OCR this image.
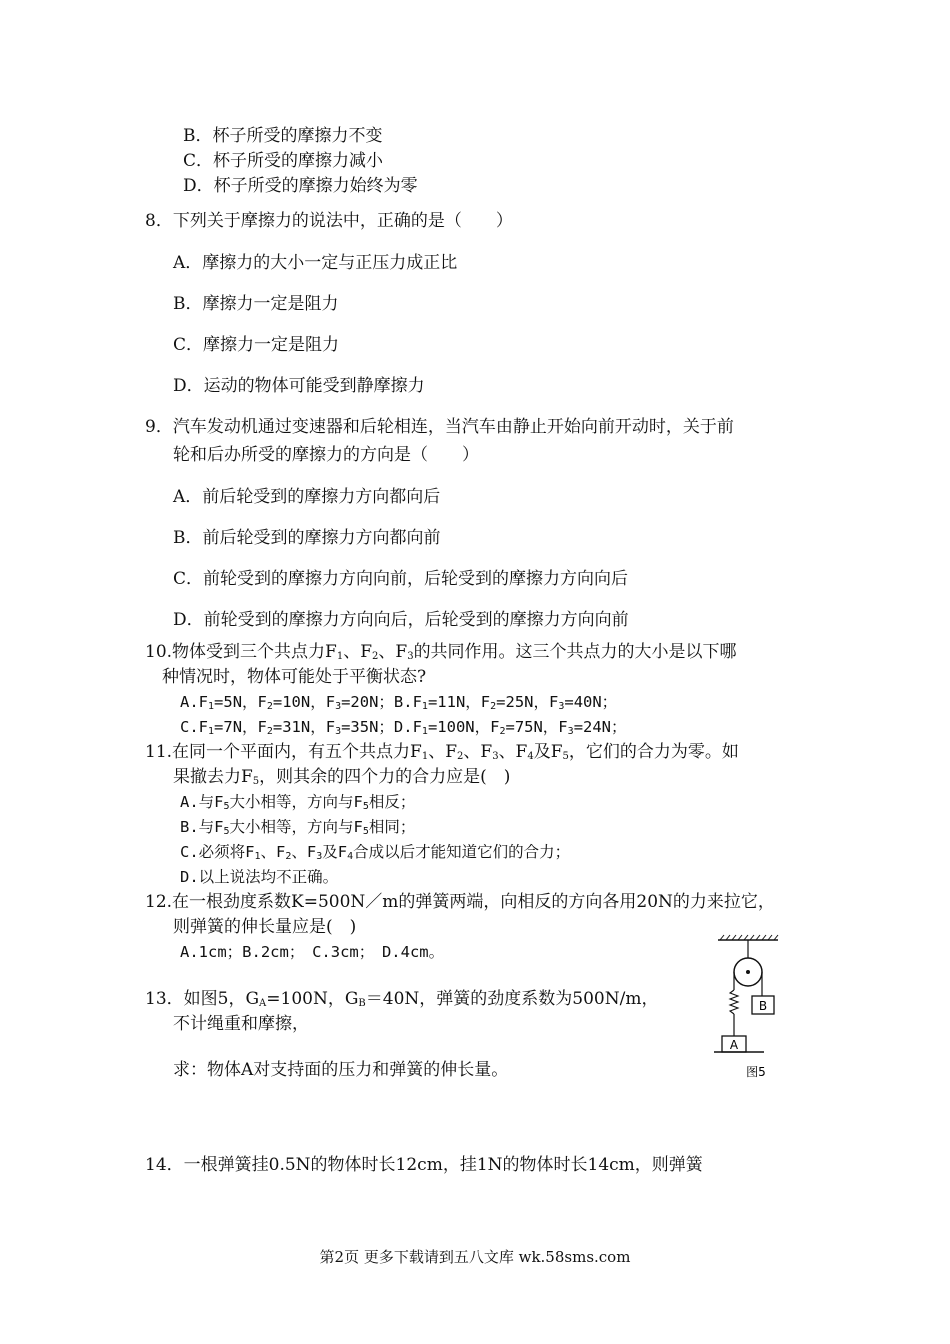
B．杯子所受的摩擦力不变
C．杯子所受的摩擦力减小
D．杯子所受的摩擦力始终为零
8．下列关于摩擦力的说法中，正确的是（　　）
A．摩擦力的大小一定与正压力成正比
B．摩擦力一定是阻力
C．摩擦力一定是阻力
D．运动的物体可能受到静摩擦力
9．汽车发动机通过变速器和后轮相连，当汽车由静止开始向前开动时，关于前
轮和后办所受的摩擦力的方向是（　　）
A．前后轮受到的摩擦力方向都向后
B．前后轮受到的摩擦力方向都向前
C．前轮受到的摩擦力方向向前，后轮受到的摩擦力方向向后
D．前轮受到的摩擦力方向向后，后轮受到的摩擦力方向向前
10.物体受到三个共点力$F_1$、$F_2$、$F_3$的共同作用。这三个共点力的大小是以下哪
种情况时，物体可能处于平衡状态?
$A.F_1=5N$，$F_2=10N$，$F_3=20N$；$B.F_1=11N$，$F_2=25N$，$F_3=40N$；
$C.F_1=7N$，$F_2=31N$，$F_3=35N$；$D.F_1=100N$，$F_2=75N$，$F_3=24N$；
11.在同一个平面内，有五个共点力$F_1$、$F_2$、$F_3$、$F_4$及$F_5$，它们的合力为零。如
果撤去力$F_5$，则其余的四个力的合力应是(　)
A.与$F_5$大小相等，方向与$F_5$相反；
B.与$F_5$大小相等，方向与$F_5$相同；
C.必须将$F_1$、$F_2$、$F_3$及$F_4$合成以后才能知道它们的合力；
D.以上说法均不正确。
12.在一根劲度系数K=500N／m的弹簧两端，向相反的方向各用20N的力来拉它，
则弹簧的伸长量应是(　)
A.1cm；B.2cm；　C.3cm；　D.4cm。
13．如图5，$G_A=100N$，$G_B=40N$，弹簧的劲度系数为500N/m，
不计绳重和摩擦，
求：物体A对支持面的压力和弹簧的伸长量。
B
A
图5
14．一根弹簧挂0.5N的物体时长12cm，挂1N的物体时长14cm，则弹簧
第2页 更多下载请到五八文库 wk.58sms.com
